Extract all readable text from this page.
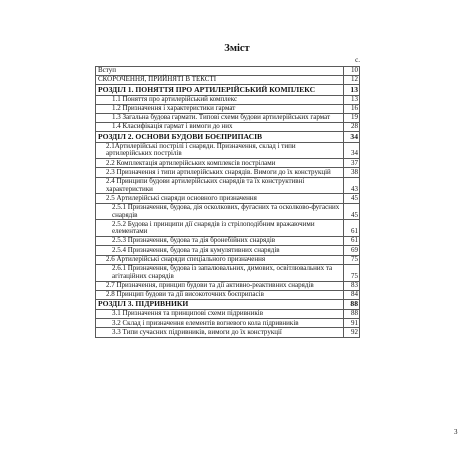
Зміст
с.
Вступ	10
СКОРОЧЕННЯ, ПРИЙНЯТІ В ТЕКСТІ	12
РОЗДІЛ 1. ПОНЯТТЯ ПРО АРТИЛЕРІЙСЬКИЙ КОМПЛЕКС	13
1.1 Поняття про артилерійський комплекс	13
1.2 Призначення і характеристики гармат	16
1.3 Загальна будова гармати. Типові схеми будови артилерійських гармат	19
1.4 Класифікація гармат і вимоги до них	28
РОЗДІЛ 2. ОСНОВИ БУДОВИ БОЄПРИПАСІВ	34
2.1Артилерійські пострілі і снаряди. Призначення, склад і типи артилерійських пострілів	34
2.2 Комплектація артилерійських комплексів пострілами	37
2.3 Призначення і типи артилерійських снарядів. Вимоги до їх конструкцій	38
2.4 Принципи будови артилерійських снарядів та їх конструктивні характеристики	43
2.5 Артилерійські снаряди основного призначення	45
2.5.1 Призначення, будова, дія осколкових, фугасних та осколково-фугасних снарядів	45
2.5.2 Будова і принципи дії снарядів із стрілоподібним вражаючими елементами	61
2.5.3 Призначення, будова та дія бронебійних снарядів	61
2.5.4 Призначення, будова та дія кумулятивних снарядів	69
2.6 Артилерійські снаряди спеціального призначення	75
2.6.1 Призначення, будова із запалювальних, димових, освітлювальних та агітаційних снарядів	75
2.7 Призначення, принцип будови та дії активно-реактивних снарядів	83
2.8 Принцип будови та дії високоточних боєприпасів	84
РОЗДІЛ 3. ПІДРИВНИКИ	88
3.1 Призначення та принципові схеми підривників	88
3.2 Склад і призначення елементів вогневого кола підривників	91
3.3 Типи сучасних підривників, вимоги до їх конструкції	92
3
